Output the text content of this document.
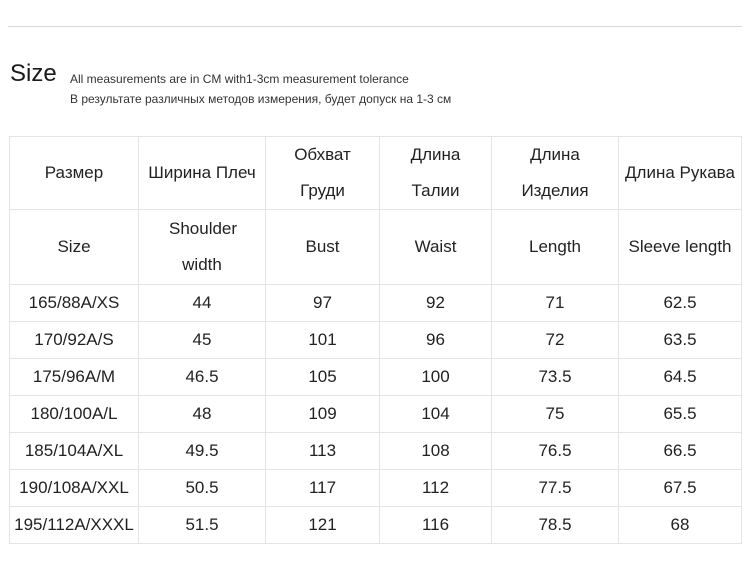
Size All measurements are in CM with1-3cm measurement tolerance
В результате различных методов измерения, будет допуск на 1-3 см
Размер	Ширина Плеч	Обхват Груди	Длина Талии	Длина Изделия	Длина Рукава
Size	Shoulder width	Bust	Waist	Length	Sleeve length
165/88A/XS	44	97	92	71	62.5
170/92A/S	45	101	96	72	63.5
175/96A/M	46.5	105	100	73.5	64.5
180/100A/L	48	109	104	75	65.5
185/104A/XL	49.5	113	108	76.5	66.5
190/108A/XXL	50.5	117	112	77.5	67.5
195/112A/XXXL	51.5	121	116	78.5	68
